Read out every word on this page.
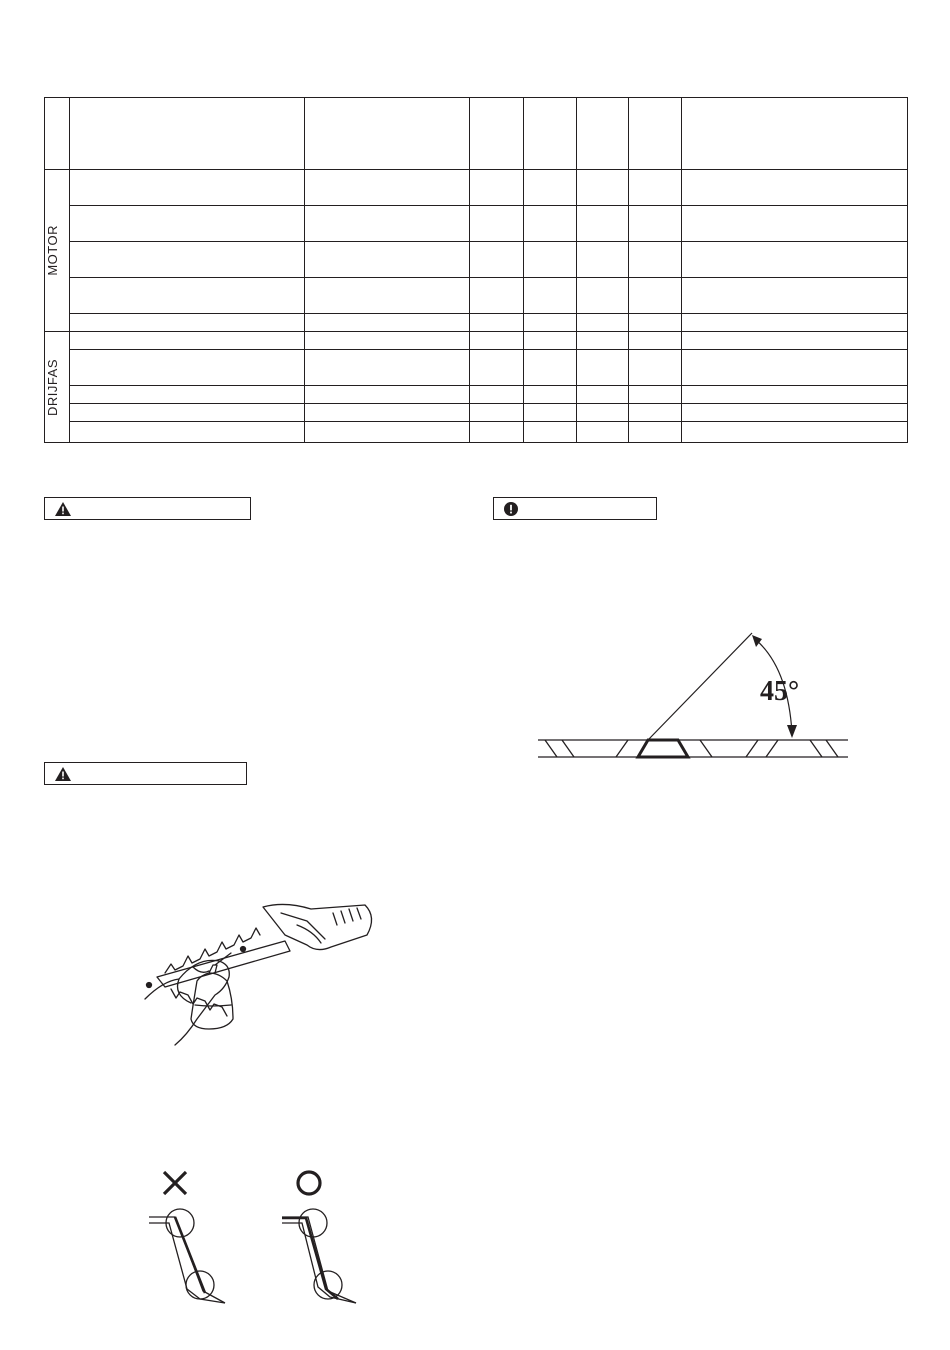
MOTOR							

DRIJFAS							

45°
